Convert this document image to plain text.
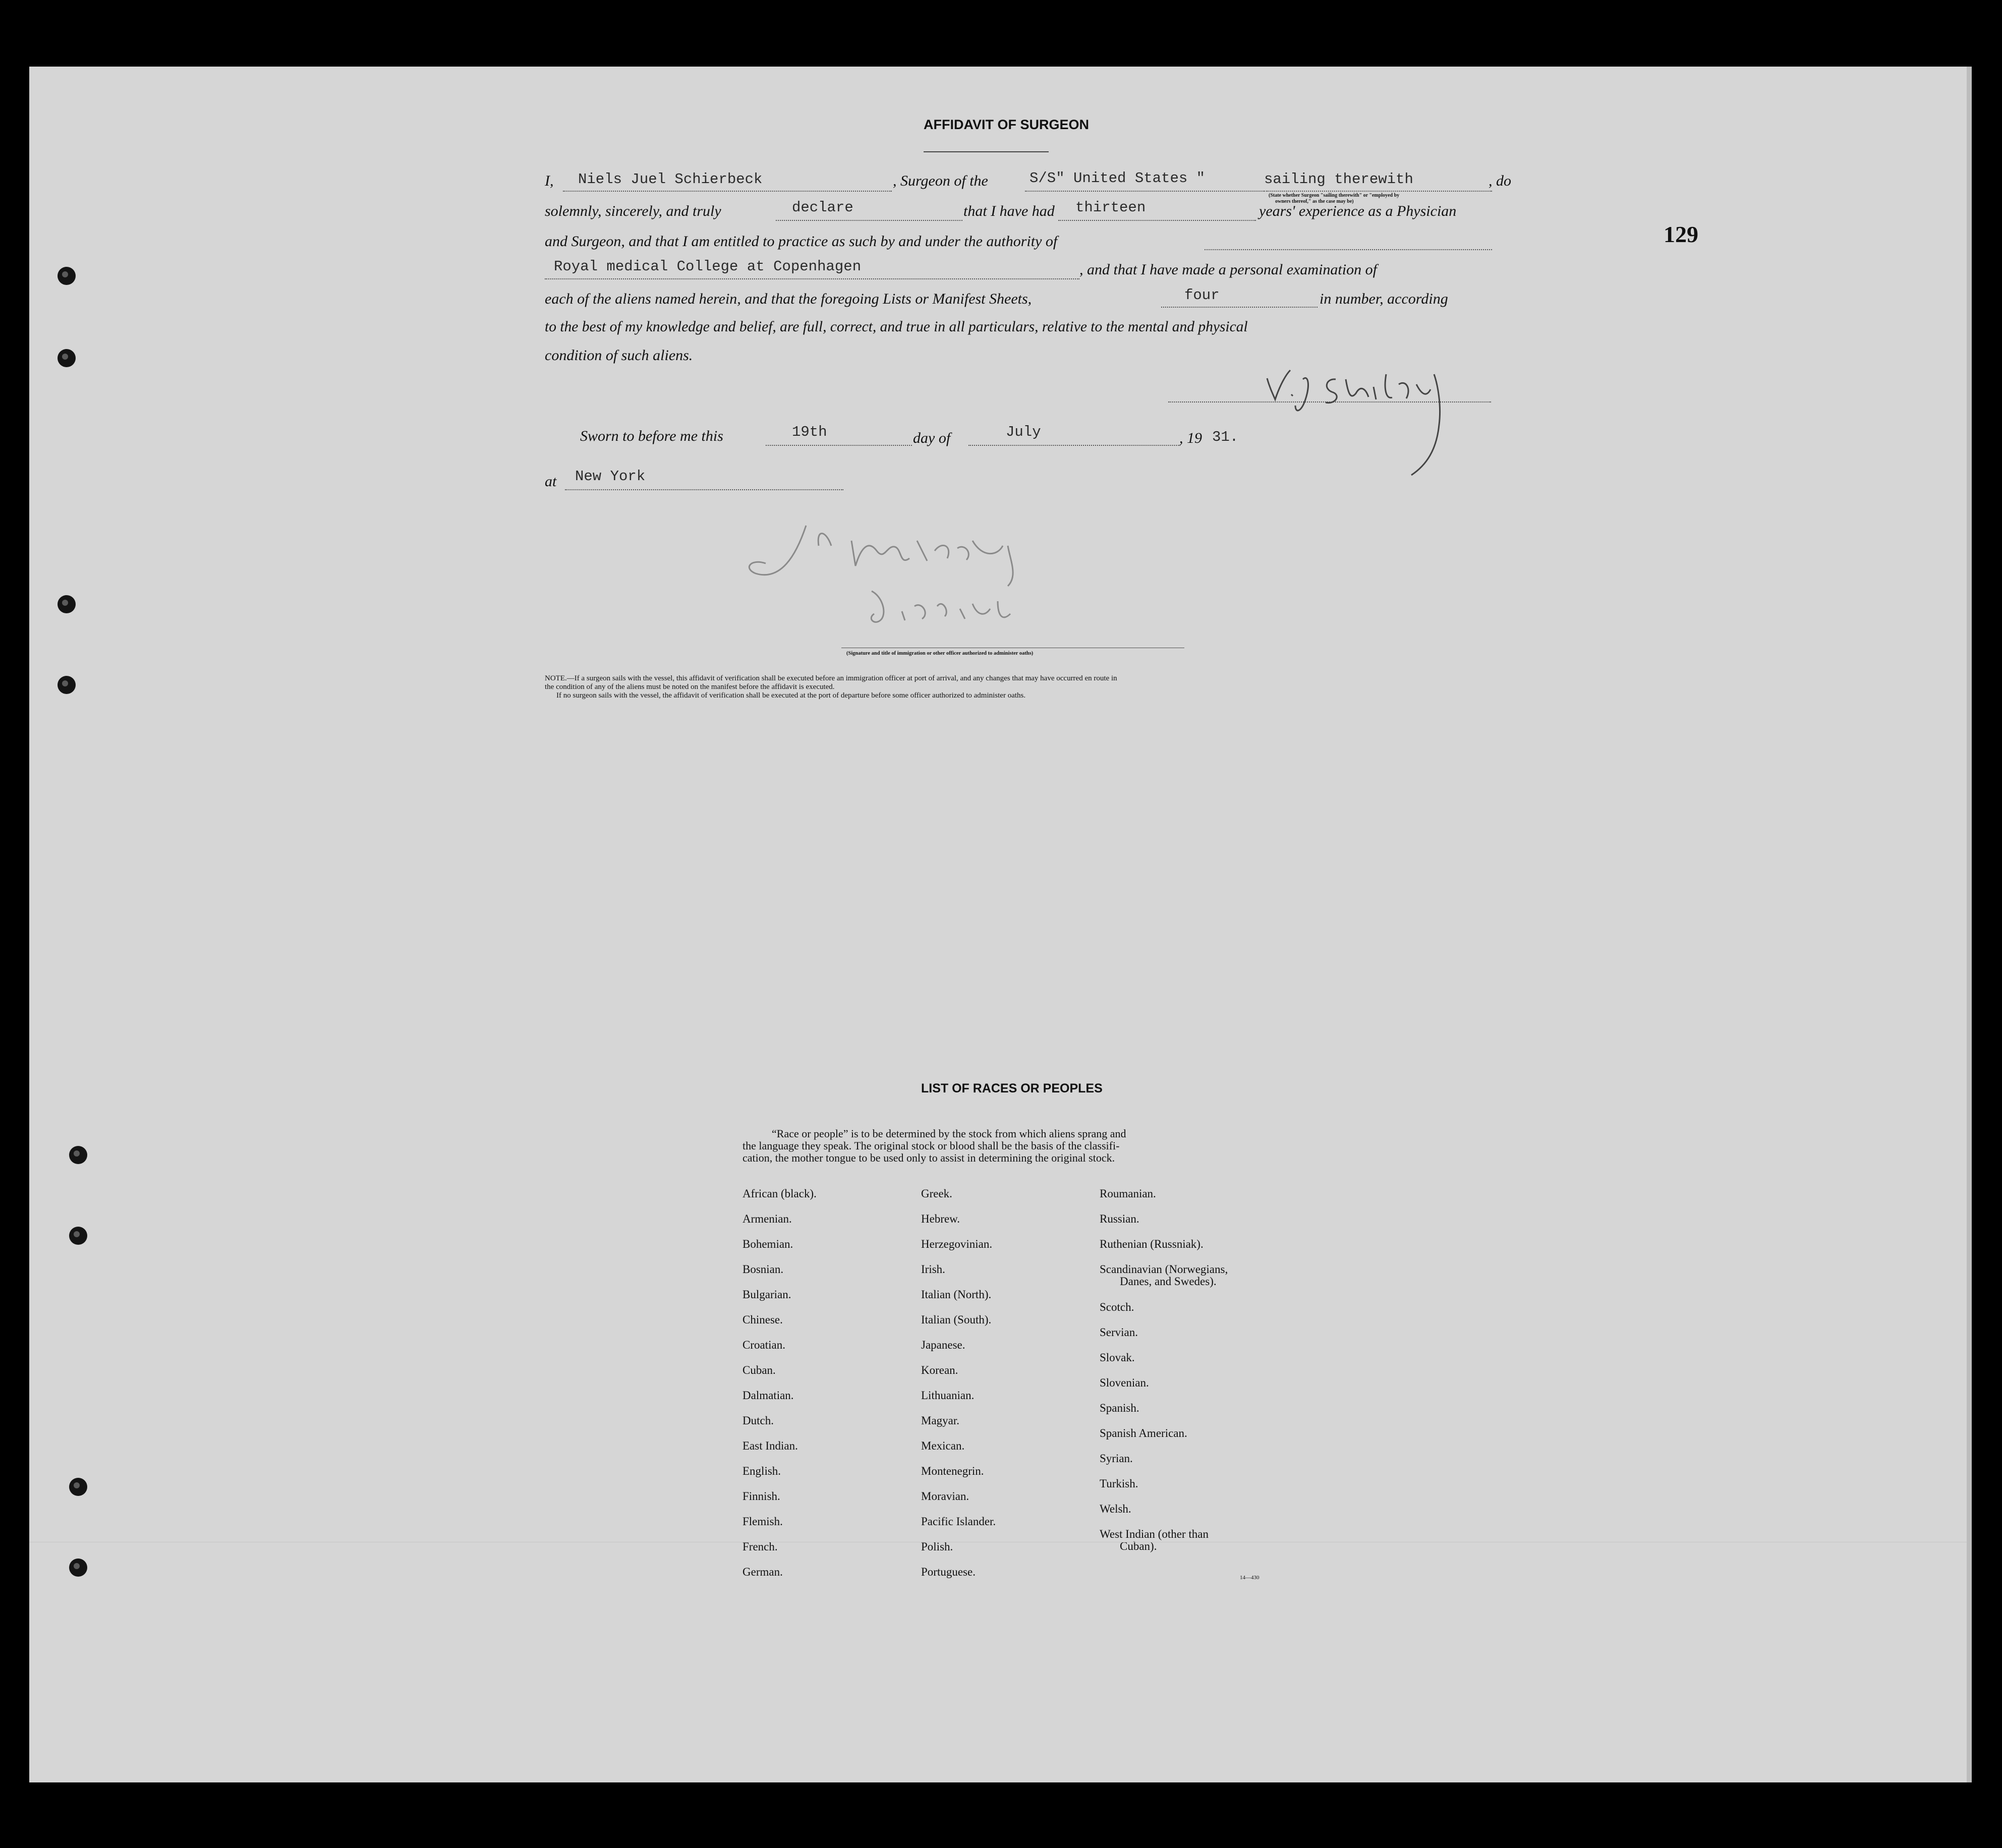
129
AFFIDAVIT OF SURGEON
I, Niels Juel Schierbeck	, Surgeon of the	S/S" United States "	sailing therewith	, do
(State whether Surgeon "sailing therewith" or "employed by
owners thereof," as the case may be)
solemnly, sincerely, and truly	declare	that I have had thirteen	years' experience as a Physician
and Surgeon, and that I am entitled to practice as such by and under the authority of
Royal medical College at Copenhagen	, and that I have made a personal examination of
each of the aliens named herein, and that the foregoing Lists or Manifest Sheets,	four	in number, according
to the best of my knowledge and belief, are full, correct, and true in all particulars, relative to the mental and physical
condition of such aliens.
Sworn to before me this	19th	day of	July	, 19 31.
at New York
(Signature and title of immigration or other officer authorized to administer oaths)
NOTE.—If a surgeon sails with the vessel, this affidavit of verification shall be executed before an immigration officer at port of arrival, and any changes that may have occurred en route in
the condition of any of the aliens must be noted on the manifest before the affidavit is executed.
If no surgeon sails with the vessel, the affidavit of verification shall be executed at the port of departure before some officer authorized to administer oaths.
LIST OF RACES OR PEOPLES
“Race or people” is to be determined by the stock from which aliens sprang and
the language they speak. The original stock or blood shall be the basis of the classifi-
cation, the mother tongue to be used only to assist in determining the original stock.
African (black).
Armenian.
Bohemian.
Bosnian.
Bulgarian.
Chinese.
Croatian.
Cuban.
Dalmatian.
Dutch.
East Indian.
English.
Finnish.
Flemish.
French.
German.
Greek.
Hebrew.
Herzegovinian.
Irish.
Italian (North).
Italian (South).
Japanese.
Korean.
Lithuanian.
Magyar.
Mexican.
Montenegrin.
Moravian.
Pacific Islander.
Polish.
Portuguese.
Roumanian.
Russian.
Ruthenian (Russniak).
Scandinavian (Norwegians,
Danes, and Swedes).
Scotch.
Servian.
Slovak.
Slovenian.
Spanish.
Spanish American.
Syrian.
Turkish.
Welsh.
West Indian (other than
Cuban).
14—430
